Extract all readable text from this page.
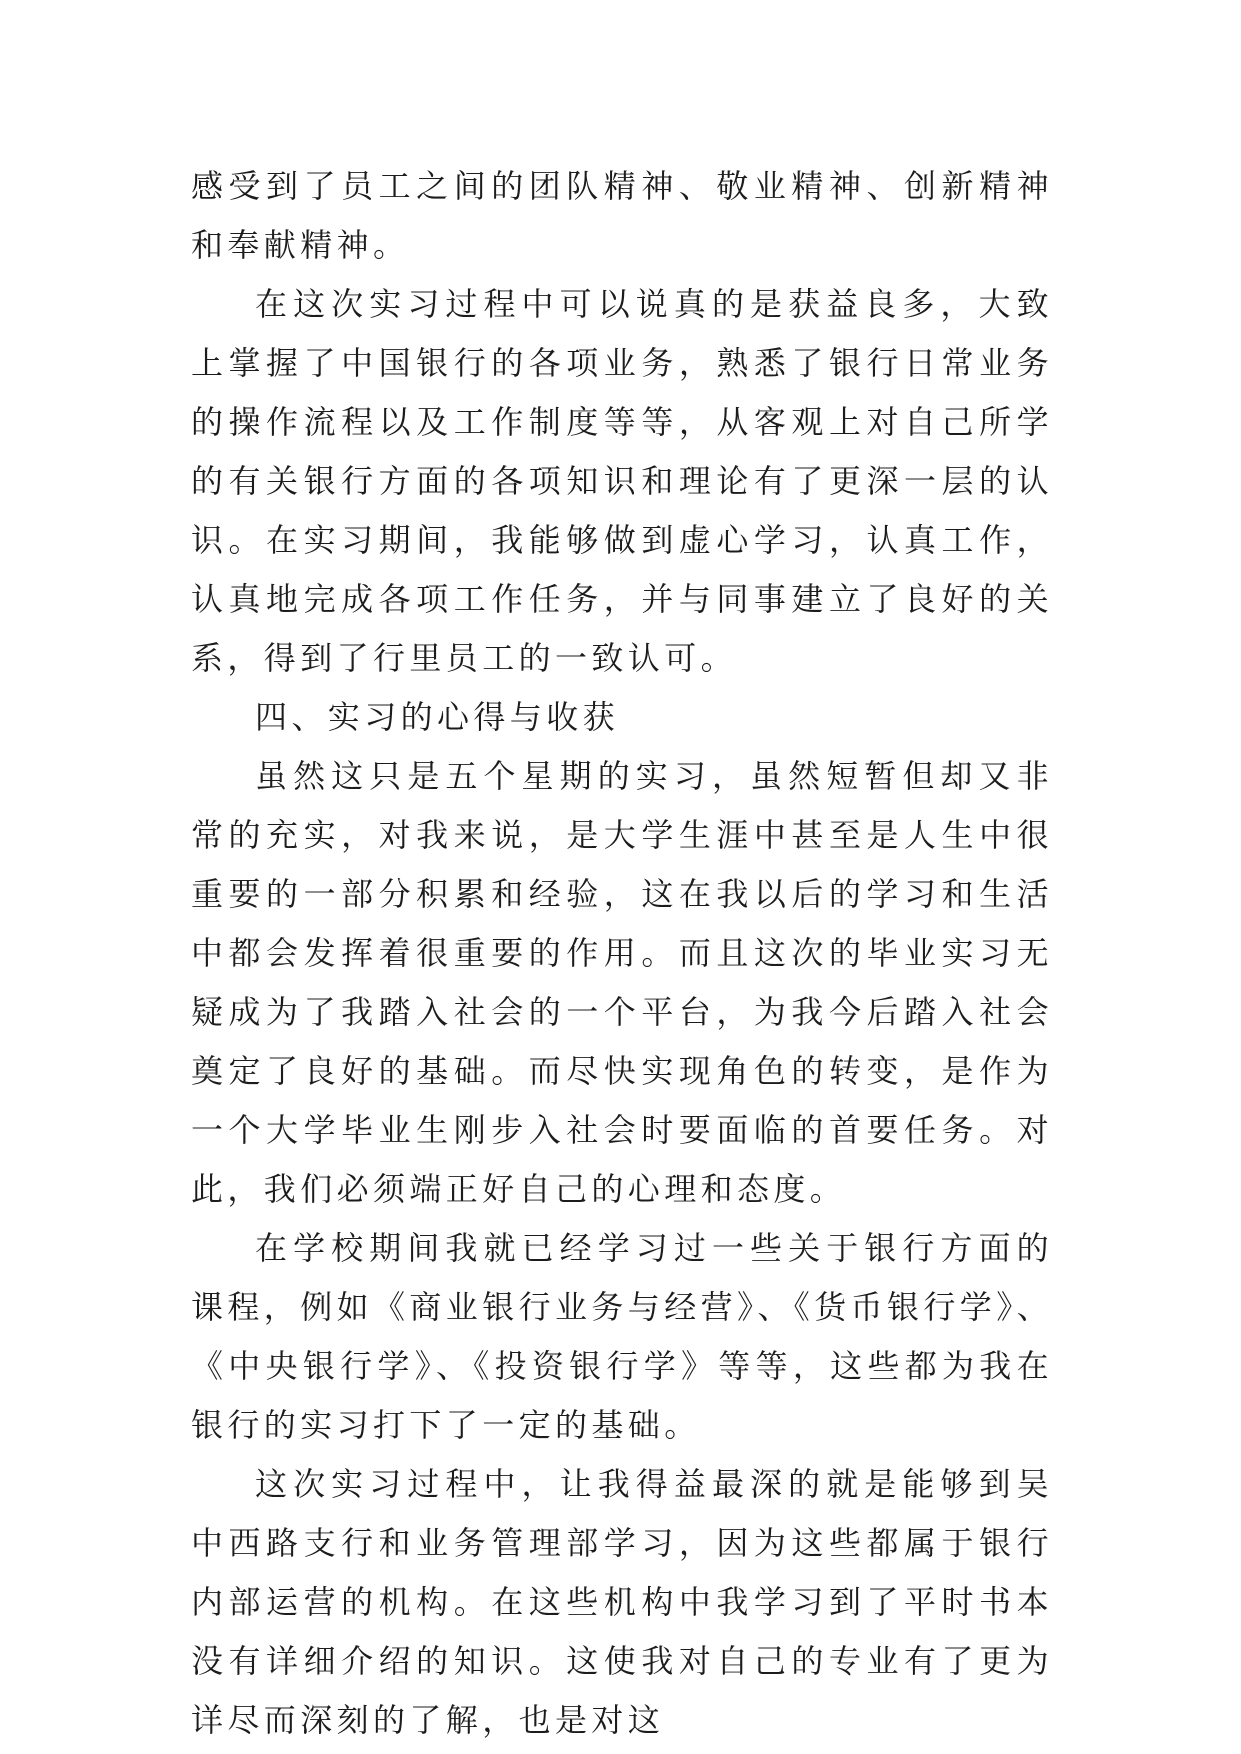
感受到了员工之间的团队精神、敬业精神、创新精神和奉献精神。

在这次实习过程中可以说真的是获益良多，大致上掌握了中国银行的各项业务，熟悉了银行日常业务的操作流程以及工作制度等等，从客观上对自己所学的有关银行方面的各项知识和理论有了更深一层的认识。在实习期间，我能够做到虚心学习，认真工作，认真地完成各项工作任务，并与同事建立了良好的关系，得到了行里员工的一致认可。

四、实习的心得与收获

虽然这只是五个星期的实习，虽然短暂但却又非常的充实，对我来说，是大学生涯中甚至是人生中很重要的一部分积累和经验，这在我以后的学习和生活中都会发挥着很重要的作用。而且这次的毕业实习无疑成为了我踏入社会的一个平台，为我今后踏入社会奠定了良好的基础。而尽快实现角色的转变，是作为一个大学毕业生刚步入社会时要面临的首要任务。对此，我们必须端正好自己的心理和态度。

在学校期间我就已经学习过一些关于银行方面的课程，例如《商业银行业务与经营》、《货币银行学》、《中央银行学》、《投资银行学》等等，这些都为我在银行的实习打下了一定的基础。

这次实习过程中，让我得益最深的就是能够到吴中西路支行和业务管理部学习，因为这些都属于银行内部运营的机构。在这些机构中我学习到了平时书本没有详细介绍的知识。这使我对自己的专业有了更为详尽而深刻的了解，也是对这
